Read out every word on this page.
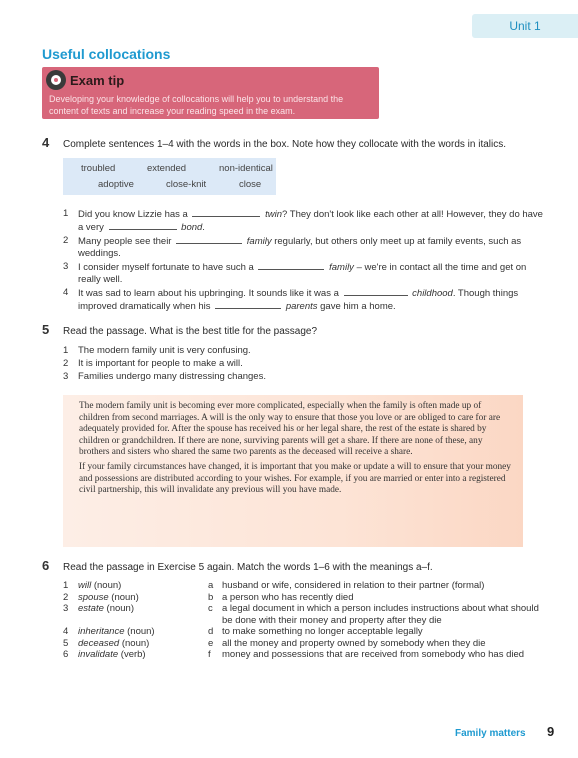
Unit 1
Useful collocations
Exam tip
Developing your knowledge of collocations will help you to understand the content of texts and increase your reading speed in the exam.
4 Complete sentences 1–4 with the words in the box. Note how they collocate with the words in italics.
troubled	extended	non-identical
adoptive	close-knit	close
1	Did you know Lizzie has a	twin? They don't look like each other at all! However, they do have a very	bond.
2	Many people see their	family regularly, but others only meet up at family events, such as weddings.
3	I consider myself fortunate to have such a	family – we're in contact all the time and get on really well.
4	It was sad to learn about his upbringing. It sounds like it was a	childhood. Though things improved dramatically when his	parents gave him a home.
5 Read the passage. What is the best title for the passage?
1	The modern family unit is very confusing.
2	It is important for people to make a will.
3	Families undergo many distressing changes.

The modern family unit is becoming ever more complicated, especially when the family is often made up of children from second marriages. A will is the only way to ensure that those you love or are obliged to care for are adequately provided for. After the spouse has received his or her legal share, the rest of the estate is shared by children or grandchildren. If there are none, surviving parents will get a share. If there are none of these, any brothers and sisters who shared the same two parents as the deceased will receive a share.

If your family circumstances have changed, it is important that you make or update a will to ensure that your money and possessions are distributed according to your wishes. For example, if you are married or enter into a registered civil partnership, this will invalidate any previous will you have made.

6 Read the passage in Exercise 5 again. Match the words 1–6 with the meanings a–f.
1	will (noun)	a husband or wife, considered in relation to their partner (formal)
2	spouse (noun)	b a person who has recently died
3	estate (noun)	c a legal document in which a person includes instructions about what should be done with their money and property after they die
4	inheritance (noun)	d to make something no longer acceptable legally
5	deceased (noun)	e all the money and property owned by somebody when they die
6	invalidate (verb)	f	money and possessions that are received from somebody who has died
Family matters 9
